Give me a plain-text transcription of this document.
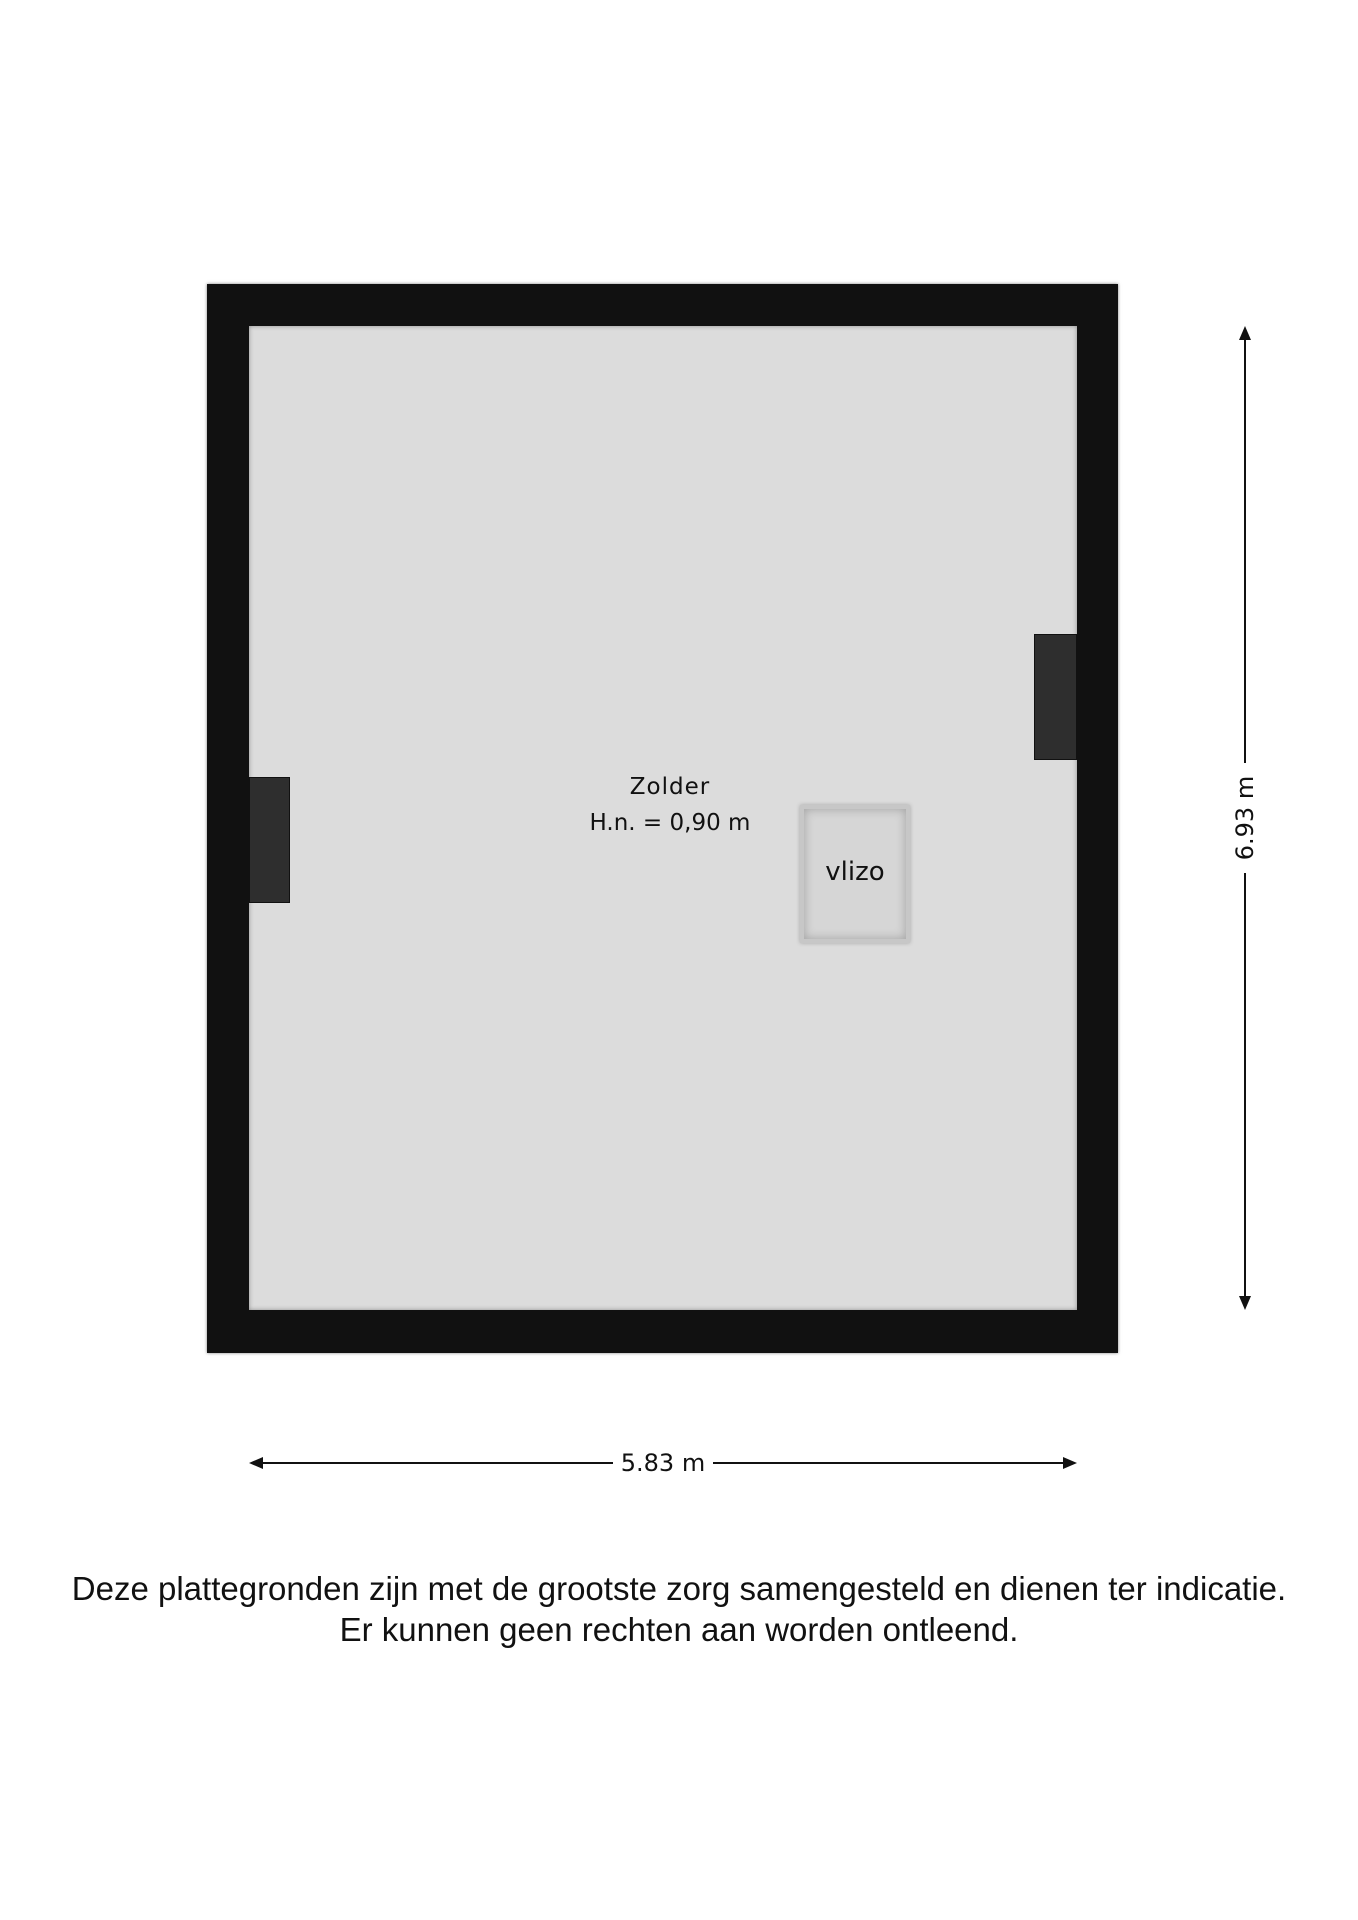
Zolder
H.n. = 0,90 m
vlizo
5.83 m
6.93 m
Deze plattegronden zijn met de grootste zorg samengesteld en dienen ter indicatie.
Er kunnen geen rechten aan worden ontleend.
